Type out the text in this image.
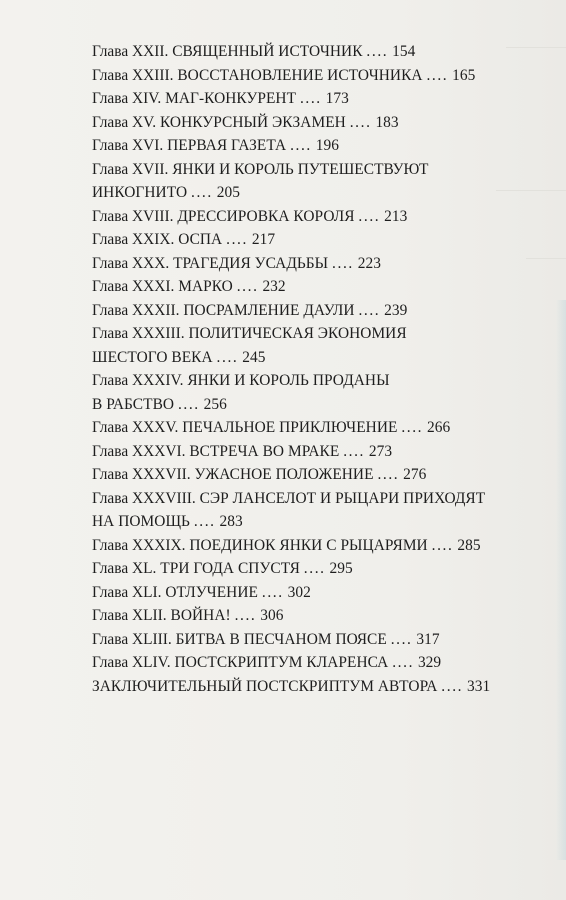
Глава XXII. СВЯЩЕННЫЙ ИСТОЧНИК .... 154
Глава XXIII. ВОССТАНОВЛЕНИЕ ИСТОЧНИКА .... 165
Глава XIV. МАГ-КОНКУРЕНТ .... 173
Глава XV. КОНКУРСНЫЙ ЭКЗАМЕН .... 183
Глава XVI. ПЕРВАЯ ГАЗЕТА .... 196
Глава XVII. ЯНКИ И КОРОЛЬ ПУТЕШЕСТВУЮТ
ИНКОГНИТО .... 205
Глава XVIII. ДРЕССИРОВКА КОРОЛЯ .... 213
Глава XXIX. ОСПА .... 217
Глава XXX. ТРАГЕДИЯ УСАДЬБЫ .... 223
Глава XXXI. МАРКО .... 232
Глава XXXII. ПОСРАМЛЕНИЕ ДАУЛИ .... 239
Глава XXXIII. ПОЛИТИЧЕСКАЯ ЭКОНОМИЯ
ШЕСТОГО ВЕКА .... 245
Глава XXXIV. ЯНКИ И КОРОЛЬ ПРОДАНЫ
В РАБСТВО .... 256
Глава XXXV. ПЕЧАЛЬНОЕ ПРИКЛЮЧЕНИЕ .... 266
Глава XXXVI. ВСТРЕЧА ВО МРАКЕ .... 273
Глава XXXVII. УЖАСНОЕ ПОЛОЖЕНИЕ .... 276
Глава XXXVIII. СЭР ЛАНСЕЛОТ И РЫЦАРИ ПРИХОДЯТ
НА ПОМОЩЬ .... 283
Глава XXXIX. ПОЕДИНОК ЯНКИ С РЫЦАРЯМИ .... 285
Глава XL. ТРИ ГОДА СПУСТЯ .... 295
Глава XLI. ОТЛУЧЕНИЕ .... 302
Глава XLII. ВОЙНА! .... 306
Глава XLIII. БИТВА В ПЕСЧАНОМ ПОЯСЕ .... 317
Глава XLIV. ПОСТСКРИПТУМ КЛАРЕНСА .... 329
ЗАКЛЮЧИТЕЛЬНЫЙ ПОСТСКРИПТУМ АВТОРА .... 331
